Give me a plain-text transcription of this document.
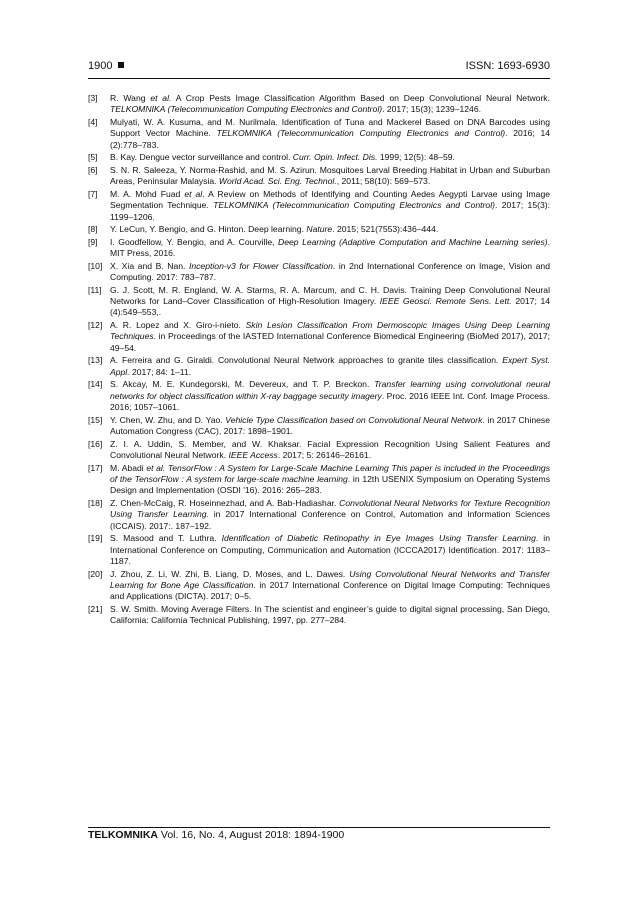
1900	ISSN: 1693-6930
[3]	R. Wang et al. A Crop Pests Image Classification Algorithm Based on Deep Convolutional Neural Network. TELKOMNIKA (Telecommunication Computing Electronics and Control). 2017; 15(3); 1239–1246.
[4]	Mulyati, W. A. Kusuma, and M. Nurilmala. Identification of Tuna and Mackerel Based on DNA Barcodes using Support Vector Machine. TELKOMNIKA (Telecommunication Computing Electronics and Control). 2016; 14 (2):778–783.
[5]	B. Kay. Dengue vector surveillance and control. Curr. Opin. Infect. Dis. 1999; 12(5): 48–59.
[6]	S. N. R. Saleeza, Y. Norma-Rashid, and M. S. Azirun. Mosquitoes Larval Breeding Habitat in Urban and Suburban Areas, Peninsular Malaysia. World Acad. Sci. Eng. Technol., 2011; 58(10): 569–573.
[7]	M. A. Mohd Fuad et al. A Review on Methods of Identifying and Counting Aedes Aegypti Larvae using Image Segmentation Technique. TELKOMNIKA (Telecommunication Computing Electronics and Control). 2017; 15(3): 1199–1206.
[8]	Y. LeCun, Y. Bengio, and G. Hinton. Deep learning. Nature. 2015; 521(7553):436–444.
[9]	I. Goodfellow, Y. Bengio, and A. Courville, Deep Learning (Adaptive Computation and Machine Learning series). MIT Press, 2016.
[10] X. Xia and B. Nan. Inception-v3 for Flower Classification. in 2nd International Conference on Image, Vision and Computing. 2017: 783–787.
[11] G. J. Scott, M. R. England, W. A. Starms, R. A. Marcum, and C. H. Davis. Training Deep Convolutional Neural Networks for Land–Cover Classification of High-Resolution Imagery. IEEE Geosci. Remote Sens. Lett. 2017; 14 (4):549–553,.
[12] A. R. Lopez and X. Giro-i-nieto. Skin Lesion Classification From Dermoscopic Images Using Deep Learning Techniques. in Proceedings of the IASTED International Conference Biomedical Engineering (BioMed 2017), 2017; 49–54.
[13] A. Ferreira and G. Giraldi. Convolutional Neural Network approaches to granite tiles classification. Expert Syst. Appl. 2017; 84: 1–11.
[14] S. Akcay, M. E. Kundegorski, M. Devereux, and T. P. Breckon. Transfer learning using convolutional neural networks for object classification within X-ray baggage security imagery. Proc. 2016 IEEE Int. Conf. Image Process. 2016; 1057–1061.
[15] Y. Chen, W. Zhu, and D. Yao. Vehicle Type Classification based on Convolutional Neural Network. in 2017 Chinese Automation Congress (CAC), 2017: 1898–1901.
[16] Z. I. A. Uddin, S. Member, and W. Khaksar. Facial Expression Recognition Using Salient Features and Convolutional Neural Network. IEEE Access. 2017; 5: 26146–26161.
[17] M. Abadi et al. TensorFlow : A System for Large-Scale Machine Learning This paper is included in the Proceedings of the TensorFlow : A system for large-scale machine learning. in 12th USENIX Symposium on Operating Systems Design and Implementation (OSDI '16). 2016: 265–283.
[18] Z. Chen-McCaig, R. Hoseinnezhad, and A. Bab-Hadiashar. Convolutional Neural Networks for Texture Recognition Using Transfer Learning. in 2017 International Conference on Control, Automation and Information Sciences (ICCAIS). 2017:. 187–192.
[19] S. Masood and T. Luthra. Identification of Diabetic Retinopathy in Eye Images Using Transfer Learning. in International Conference on Computing, Communication and Automation (ICCCA2017) Identification. 2017: 1183–1187.
[20] J. Zhou, Z. Li, W. Zhi, B. Liang, D. Moses, and L. Dawes. Using Convolutional Neural Networks and Transfer Learning for Bone Age Classification. in 2017 International Conference on Digital Image Computing: Techniques and Applications (DICTA). 2017; 0–5.
[21] S. W. Smith. Moving Average Filters. In The scientist and engineer’s guide to digital signal processing, San Diego, California: California Technical Publishing, 1997, pp. 277–284.
TELKOMNIKA Vol. 16, No. 4, August 2018: 1894-1900
